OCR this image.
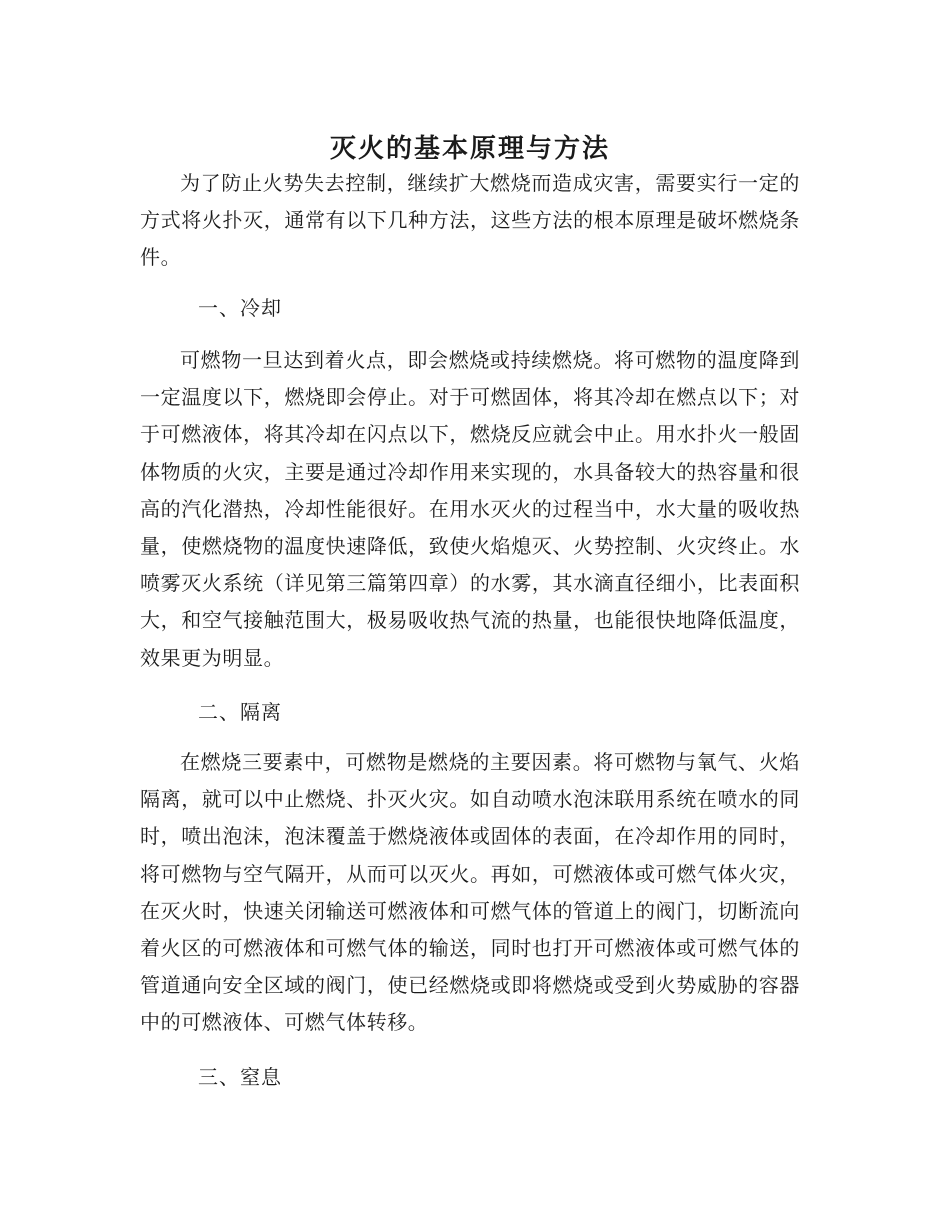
灭火的基本原理与方法

为了防止火势失去控制，继续扩大燃烧而造成灾害，需要实行一定的方式将火扑灭，通常有以下几种方法，这些方法的根本原理是破坏燃烧条件。

一、冷却

可燃物一旦达到着火点，即会燃烧或持续燃烧。将可燃物的温度降到一定温度以下，燃烧即会停止。对于可燃固体，将其冷却在燃点以下；对于可燃液体，将其冷却在闪点以下，燃烧反应就会中止。用水扑火一般固体物质的火灾，主要是通过冷却作用来实现的，水具备较大的热容量和很高的汽化潜热，冷却性能很好。在用水灭火的过程当中，水大量的吸收热量，使燃烧物的温度快速降低，致使火焰熄灭、火势控制、火灾终止。水喷雾灭火系统（详见第三篇第四章）的水雾，其水滴直径细小，比表面积大，和空气接触范围大，极易吸收热气流的热量，也能很快地降低温度，效果更为明显。

二、隔离

在燃烧三要素中，可燃物是燃烧的主要因素。将可燃物与氧气、火焰隔离，就可以中止燃烧、扑灭火灾。如自动喷水泡沫联用系统在喷水的同时，喷出泡沫，泡沫覆盖于燃烧液体或固体的表面，在冷却作用的同时，将可燃物与空气隔开，从而可以灭火。再如，可燃液体或可燃气体火灾，在灭火时，快速关闭输送可燃液体和可燃气体的管道上的阀门，切断流向着火区的可燃液体和可燃气体的输送，同时也打开可燃液体或可燃气体的管道通向安全区域的阀门，使已经燃烧或即将燃烧或受到火势威胁的容器中的可燃液体、可燃气体转移。

三、窒息
